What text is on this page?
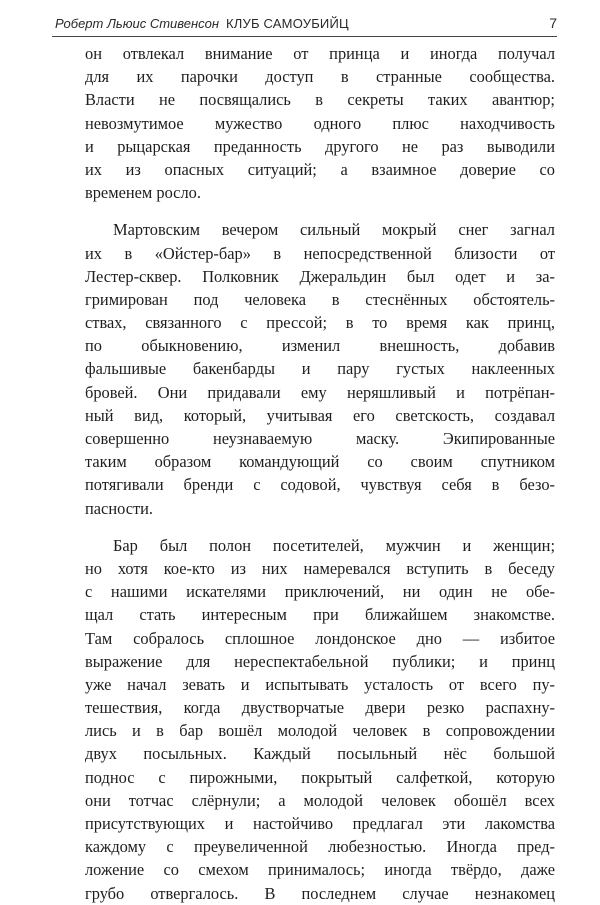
Роберт Льюис Стивенсон КЛУБ САМОУБИЙЦ	7
он отвлекал внимание от принца и иногда получал
для их парочки доступ в странные сообщества.
Власти не посвящались в секреты таких авантюр;
невозмутимое мужество одного плюс находчивость
и рыцарская преданность другого не раз выводили
их из опасных ситуаций; а взаимное доверие со
временем росло.
Мартовским вечером сильный мокрый снег загнал
их в «Ойстер-бар» в непосредственной близости от
Лестер-сквер. Полковник Джеральдин был одет и за-
гримирован под человека в стеснённых обстоятель-
ствах, связанного с прессой; в то время как принц,
по обыкновению, изменил внешность, добавив
фальшивые бакенбарды и пару густых наклеенных
бровей. Они придавали ему неряшливый и потрёпан-
ный вид, который, учитывая его светскость, создавал
совершенно неузнаваемую маску. Экипированные
таким образом командующий со своим спутником
потягивали бренди с содовой, чувствуя себя в безо-
пасности.
Бар был полон посетителей, мужчин и женщин;
но хотя кое-кто из них намеревался вступить в беседу
с нашими искателями приключений, ни один не обе-
щал стать интересным при ближайшем знакомстве.
Там собралось сплошное лондонское дно — избитое
выражение для нереспектабельной публики; и принц
уже начал зевать и испытывать усталость от всего пу-
тешествия, когда двустворчатые двери резко распахну-
лись и в бар вошёл молодой человек в сопровождении
двух посыльных. Каждый посыльный нёс большой
поднос с пирожными, покрытый салфеткой, которую
они тотчас слёрнули; а молодой человек обошёл всех
присутствующих и настойчиво предлагал эти лакомства
каждому с преувеличенной любезностью. Иногда пред-
ложение со смехом принималось; иногда твёрдо, даже
грубо отвергалось. В последнем случае незнакомец
